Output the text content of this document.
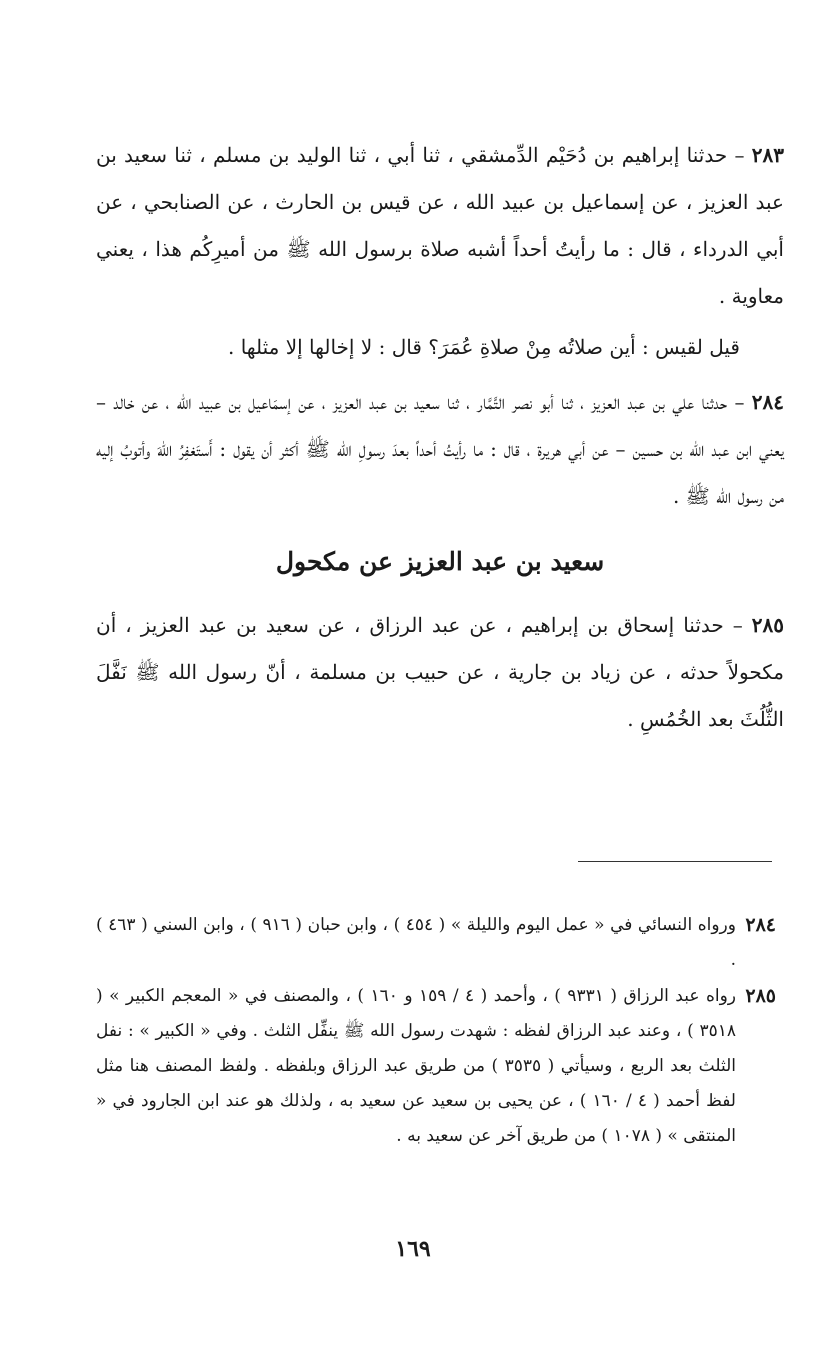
٢٨٣ – حدثنا إبراهيم بن دُحَيْم الدِّمشقي ، ثنا أبي ، ثنا الوليد بن مسلم ، ثنا سعيد بن عبد العزيز ، عن إسماعيل بن عبيد الله ، عن قيس بن الحارث ، عن الصنابحي ، عن أبي الدرداء ، قال : ما رأيتُ أحداً أشبه صلاة برسول الله ﷺ من أميرِكُم هذا ، يعني معاوية .

قيل لقيس : أين صلاتُه مِنْ صلاةِ عُمَرَ؟ قال : لا إخالها إلا مثلها .

٢٨٤ – حدثنا علي بن عبد العزيز ، ثنا أبو نصر التَّمَّار ، ثنا سعيد بن عبد العزيز ، عن إسمَاعيل بن عبيد الله ، عن خالد – يعني ابن عبد الله بن حسين – عن أبي هريرة ، قال : ما رأيتُ أحداً بعدَ رسولِ الله ﷺ أكثر أن يقول : أَستَغفِرُ اللهَ وأتوبُ إليه من رسول الله ﷺ .

سعيد بن عبد العزيز عن مكحول

٢٨٥ – حدثنا إسحاق بن إبراهيم ، عن عبد الرزاق ، عن سعيد بن عبد العزيز ، أن مكحولاً حدثه ، عن زياد بن جارية ، عن حبيب بن مسلمة ، أنّ رسول الله ﷺ نَفَّلَ الثُّلُثَ بعد الخُمُسِ .

٢٨٤
ورواه النسائي في « عمل اليوم والليلة » ( ٤٥٤ ) ، وابن حبان ( ٩١٦ ) ، وابن السني ( ٤٦٣ ) .
٢٨٥
رواه عبد الرزاق ( ٩٣٣١ ) ، وأحمد ( ٤ / ١٥٩ و ١٦٠ ) ، والمصنف في « المعجم الكبير » ( ٣٥١٨ ) ، وعند عبد الرزاق لفظه : شهدت رسول الله ﷺ ينفِّل الثلث . وفي « الكبير » : نفل الثلث بعد الربع ، وسيأتي ( ٣٥٣٥ ) من طريق عبد الرزاق وبلفظه . ولفظ المصنف هنا مثل لفظ أحمد ( ٤ / ١٦٠ ) ، عن يحيى بن سعيد عن سعيد به ، ولذلك هو عند ابن الجارود في « المنتقى » ( ١٠٧٨ ) من طريق آخر عن سعيد به .
١٦٩
